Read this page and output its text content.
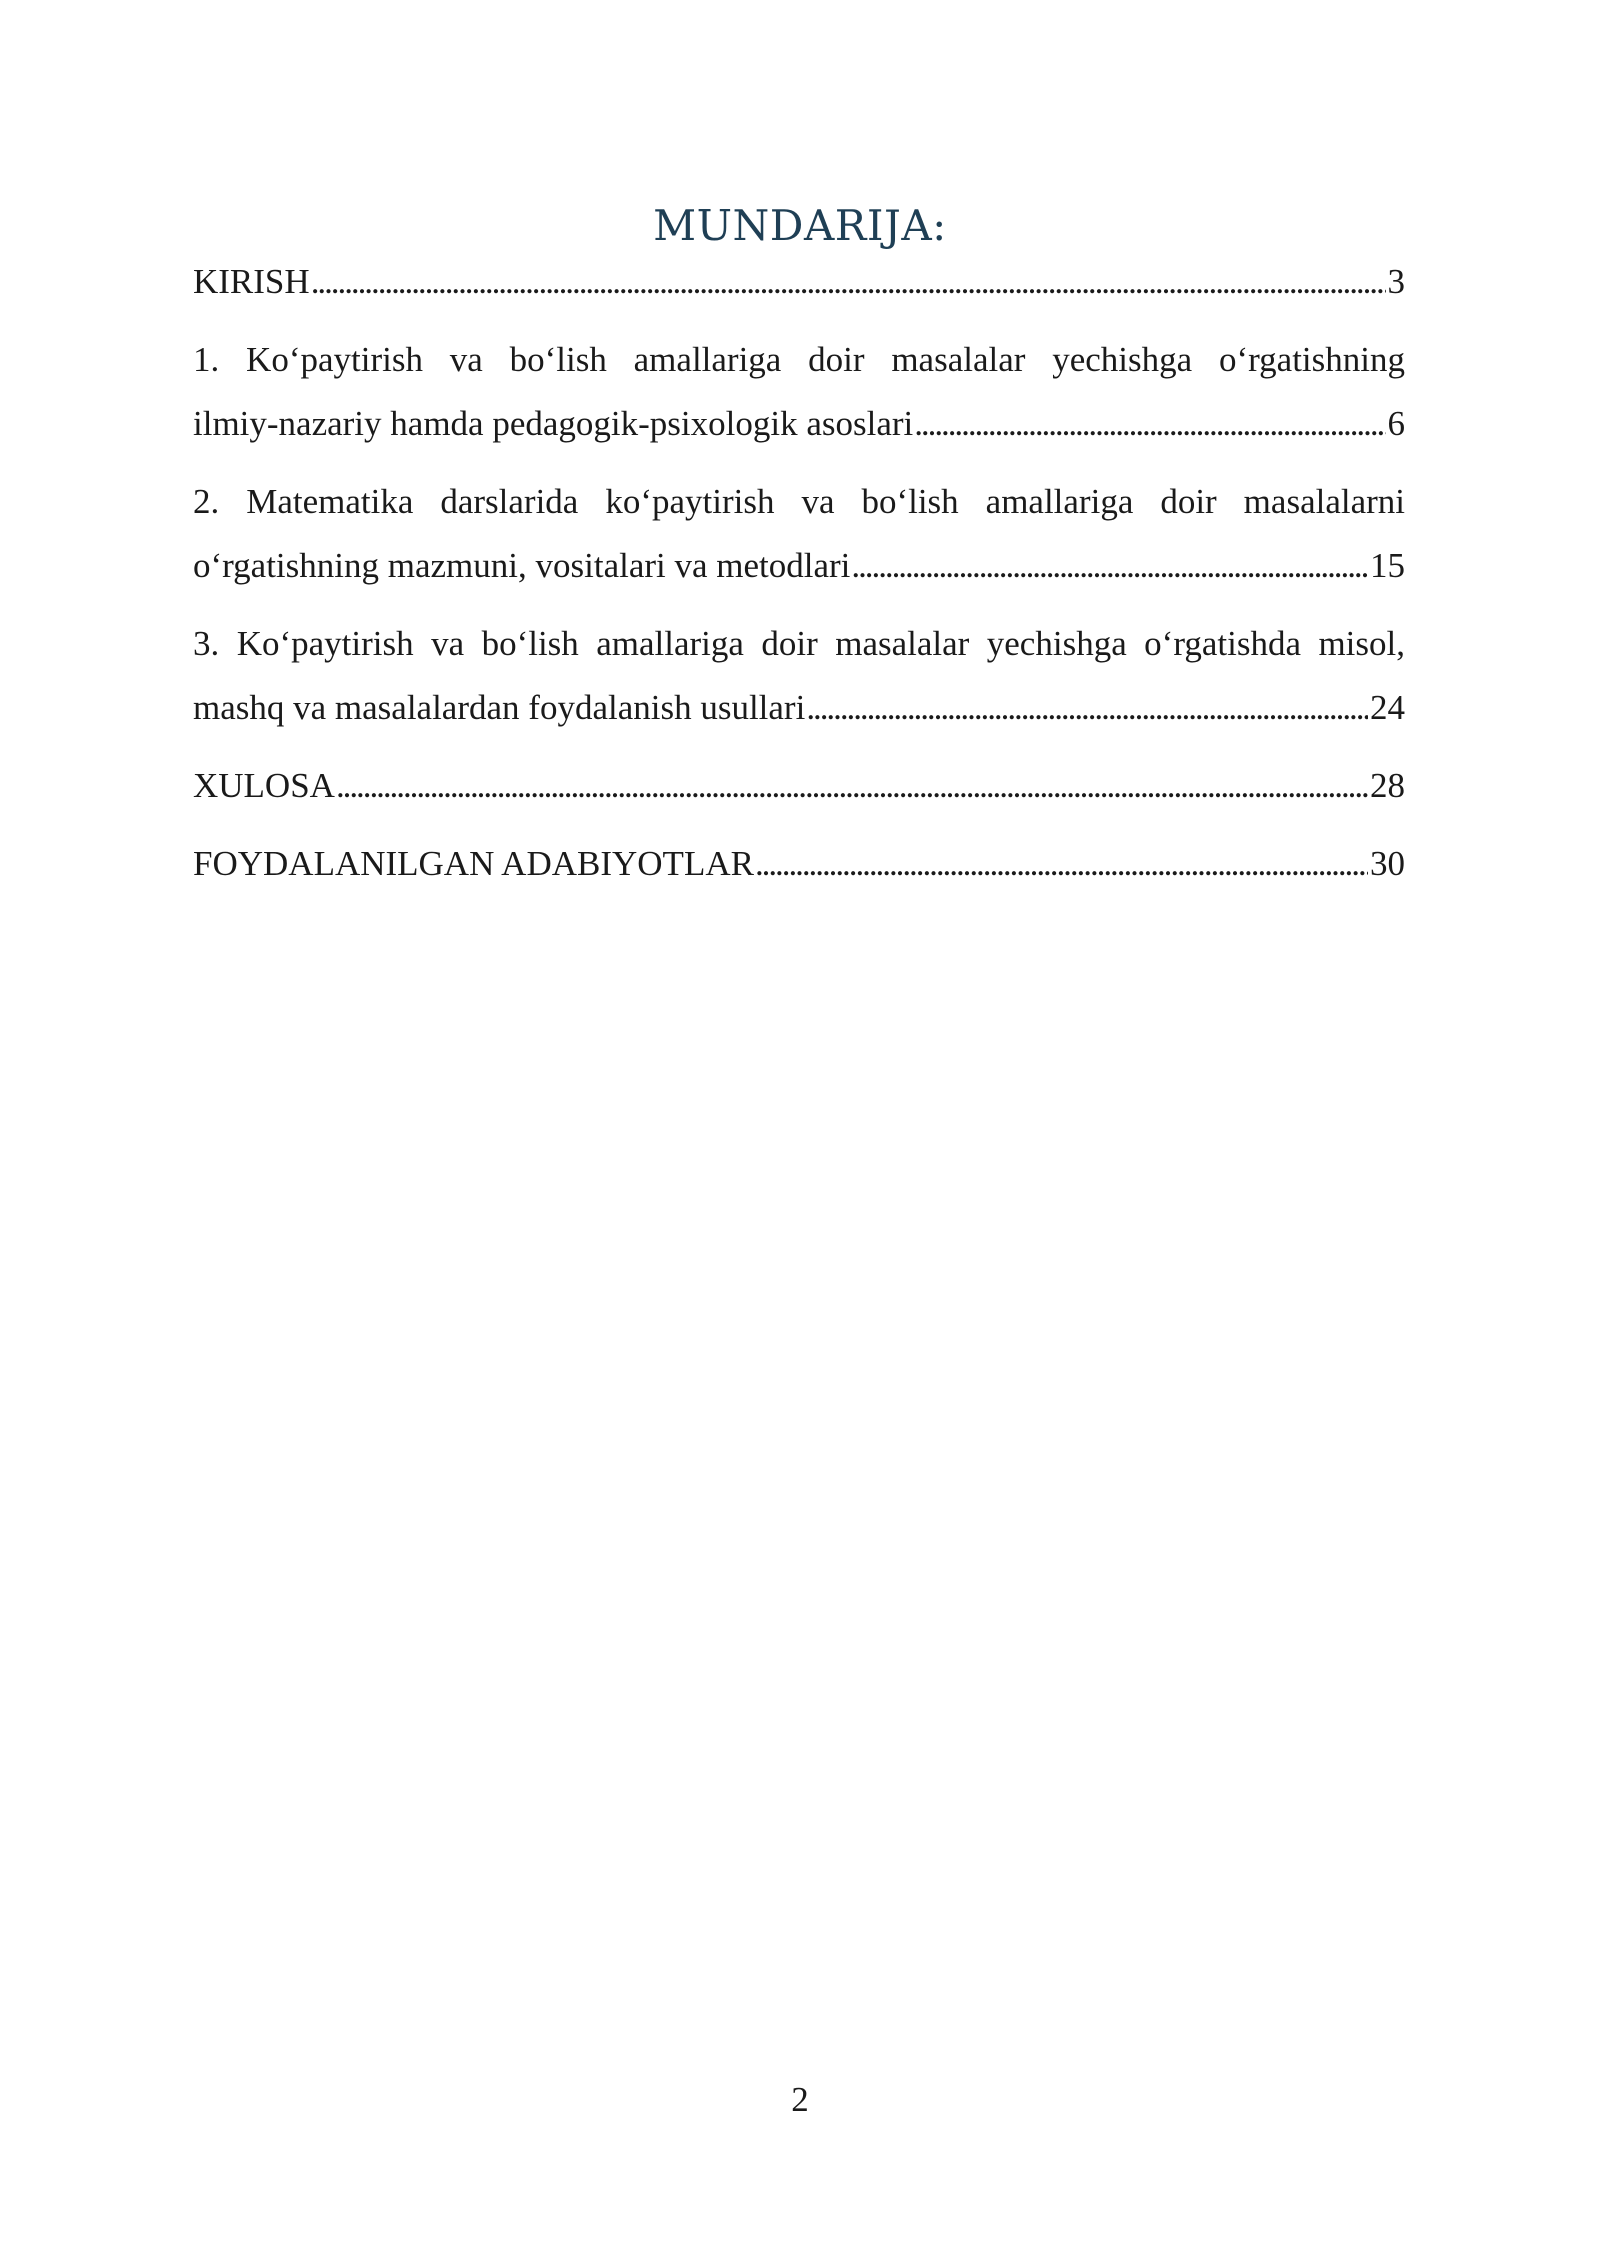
MUNDARIJA:
KIRISH . . .	3
1. Ko‘paytirish va bo‘lish amallariga doir masalalar yechishga o‘rgatishning
ilmiy-nazariy hamda pedagogik-psixologik asoslari . . .	6
2. Matematika darslarida ko‘paytirish va bo‘lish amallariga doir masalalarni
o‘rgatishning mazmuni, vositalari va metodlari . . .	15
3. Ko‘paytirish va bo‘lish amallariga doir masalalar yechishga o‘rgatishda misol,
mashq va masalalardan foydalanish usullari . . .	24
XULOSA . . .	28
FOYDALANILGAN ADABIYOTLAR . . .	30
2
